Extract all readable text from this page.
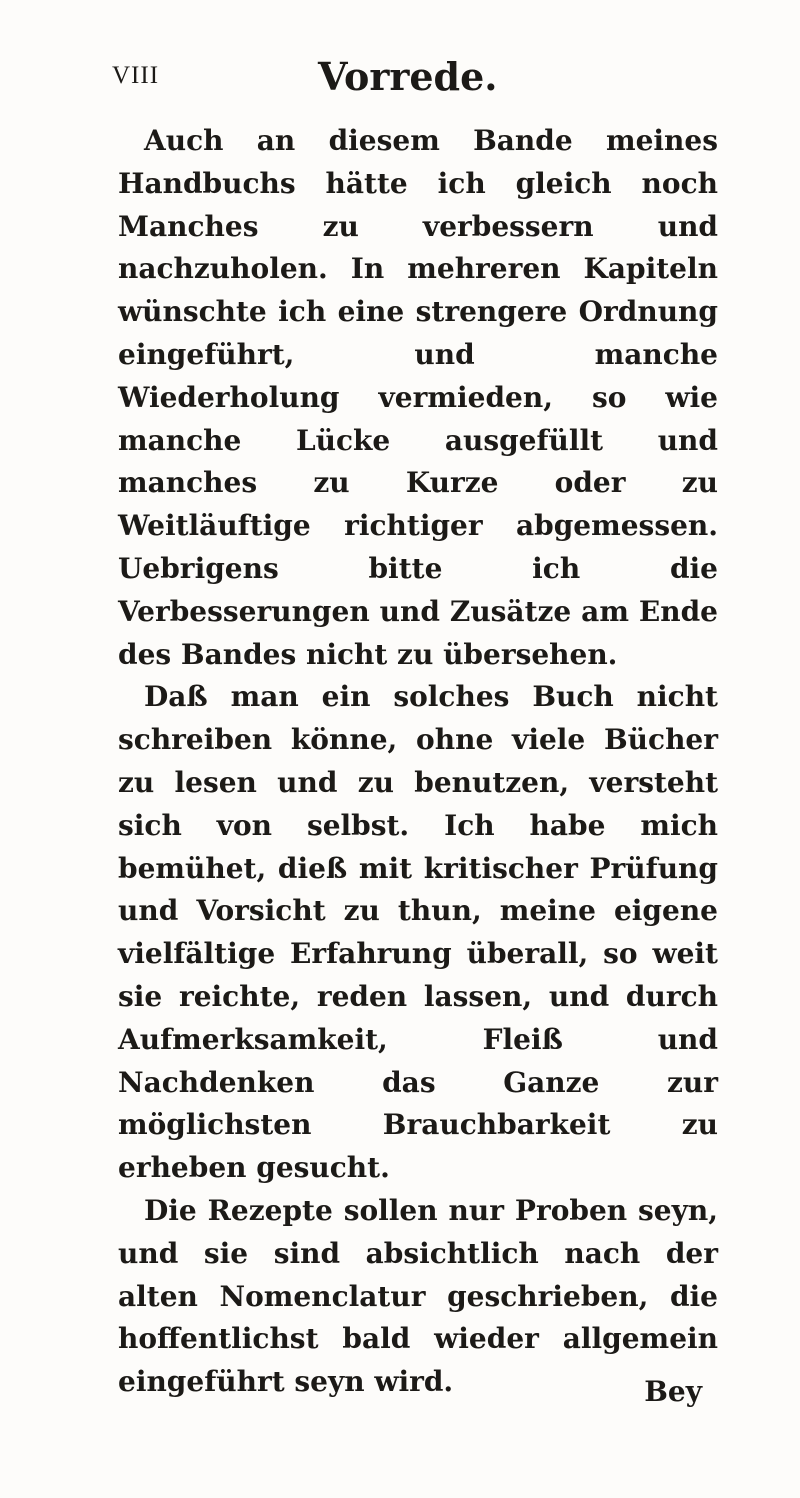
VIII	Vorrede.

Auch an diesem Bande meines Handbuchs hätte ich gleich noch Manches zu verbessern und nachzuholen. In mehreren Kapiteln wünschte ich eine strengere Ordnung eingeführt, und manche Wiederholung vermieden, so wie manche Lücke ausgefüllt und manches zu Kurze oder zu Weitläuftige richtiger abgemessen. Uebrigens bitte ich die Verbesserungen und Zusätze am Ende des Bandes nicht zu übersehen.

Daß man ein solches Buch nicht schreiben könne, ohne viele Bücher zu lesen und zu benutzen, versteht sich von selbst. Ich habe mich bemühet, dieß mit kritischer Prüfung und Vorsicht zu thun, meine eigene vielfältige Erfahrung überall, so weit sie reichte, reden lassen, und durch Aufmerksamkeit, Fleiß und Nachdenken das Ganze zur möglichsten Brauchbarkeit zu erheben gesucht.

Die Rezepte sollen nur Proben seyn, und sie sind absichtlich nach der alten Nomenclatur geschrieben, die hoffentlichst bald wieder allgemein eingeführt seyn wird.	Bey
